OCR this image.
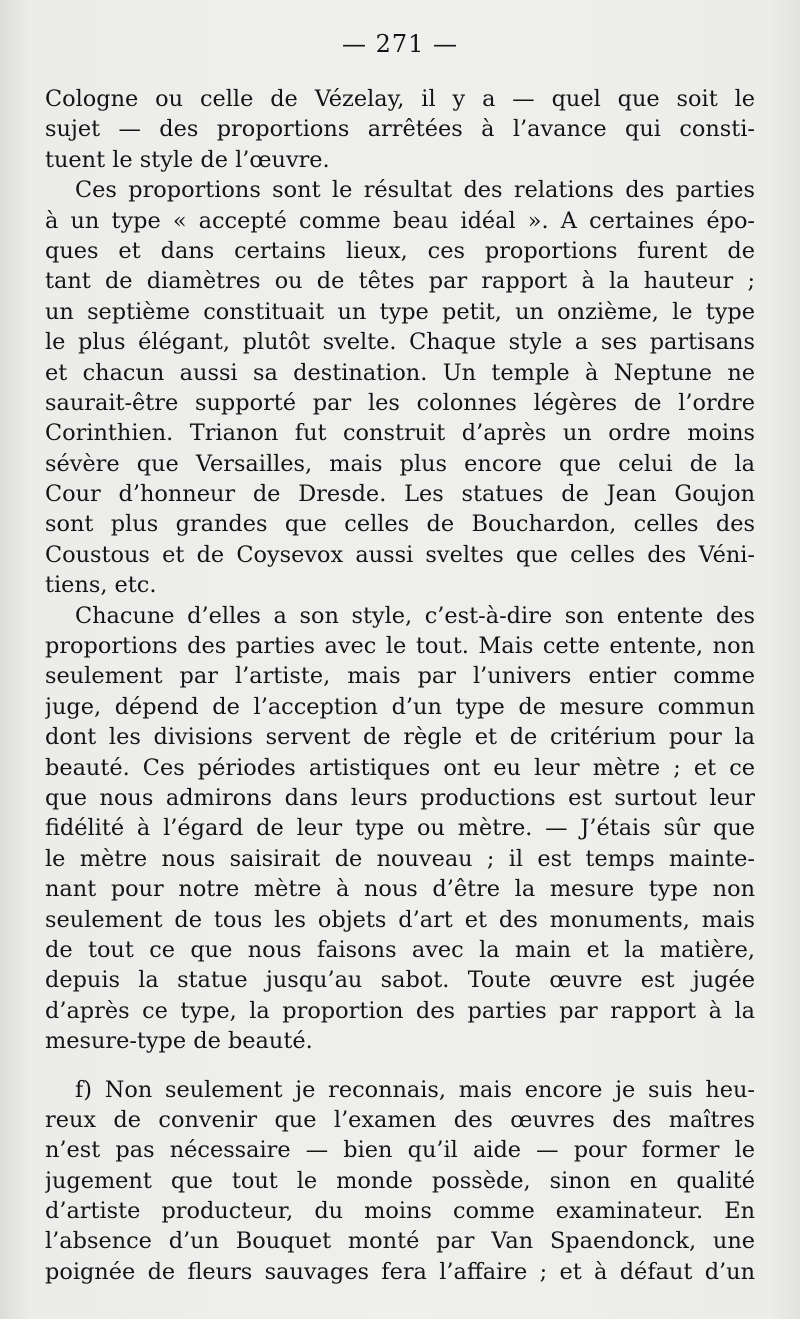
— 271 —
Cologne ou celle de Vézelay, il y a — quel que soit le
sujet — des proportions arrêtées à l’avance qui consti-
tuent le style de l’œuvre.
Ces proportions sont le résultat des relations des parties
à un type « accepté comme beau idéal ». A certaines épo-
ques et dans certains lieux, ces proportions furent de
tant de diamètres ou de têtes par rapport à la hauteur ;
un septième constituait un type petit, un onzième, le type
le plus élégant, plutôt svelte. Chaque style a ses partisans
et chacun aussi sa destination. Un temple à Neptune ne
saurait-être supporté par les colonnes légères de l’ordre
Corinthien. Trianon fut construit d’après un ordre moins
sévère que Versailles, mais plus encore que celui de la
Cour d’honneur de Dresde. Les statues de Jean Goujon
sont plus grandes que celles de Bouchardon, celles des
Coustous et de Coysevox aussi sveltes que celles des Véni-
tiens, etc.
Chacune d’elles a son style, c’est-à-dire son entente des
proportions des parties avec le tout. Mais cette entente, non
seulement par l’artiste, mais par l’univers entier comme
juge, dépend de l’acception d’un type de mesure commun
dont les divisions servent de règle et de critérium pour la
beauté. Ces périodes artistiques ont eu leur mètre ; et ce
que nous admirons dans leurs productions est surtout leur
fidélité à l’égard de leur type ou mètre. — J’étais sûr que
le mètre nous saisirait de nouveau ; il est temps mainte-
nant pour notre mètre à nous d’être la mesure type non
seulement de tous les objets d’art et des monuments, mais
de tout ce que nous faisons avec la main et la matière,
depuis la statue jusqu’au sabot. Toute œuvre est jugée
d’après ce type, la proportion des parties par rapport à la
mesure-type de beauté.
f) Non seulement je reconnais, mais encore je suis heu-
reux de convenir que l’examen des œuvres des maîtres
n’est pas nécessaire — bien qu’il aide — pour former le
jugement que tout le monde possède, sinon en qualité
d’artiste producteur, du moins comme examinateur. En
l’absence d’un Bouquet monté par Van Spaendonck, une
poignée de fleurs sauvages fera l’affaire ; et à défaut d’un
